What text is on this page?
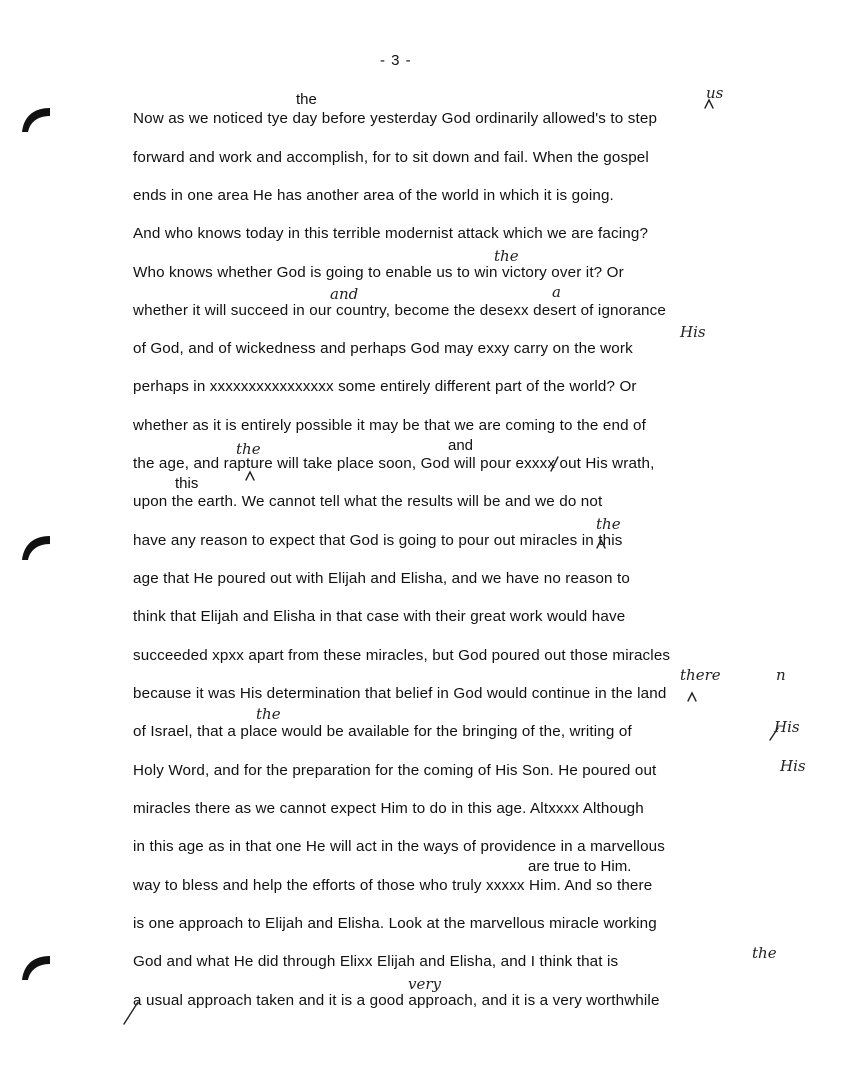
- 3 -
Now as we noticed tye day before yesterday God ordinarily allowed's to step
forward and work and accomplish, for to sit down and fail. When the gospel
ends in one area He has another area of the world in which it is going.
And who knows today in this terrible modernist attack which we are facing?
Who knows whether God is going to enable us to win victory over it? Or
whether it will succeed in our country, become the desexx desert of ignorance
of God, and of wickedness and perhaps God may exxy carry on the work
perhaps in xxxxxxxxxxxxxxxx some entirely different part of the world? Or
whether as it is entirely possible it may be that we are coming to the end of
the age, and rapture will take place soon, God will pour exxxx out His wrath,
upon the earth. We cannot tell what the results will be and we do not
have any reason to expect that God is going to pour out miracles in this
age that He poured out with Elijah and Elisha, and we have no reason to
think that Elijah and Elisha in that case with their great work would have
succeeded xpxx apart from these miracles, but God poured out those miracles
because it was His determination that belief in God would continue in the land
of Israel, that a place would be available for the bringing of the, writing of
Holy Word, and for the preparation for the coming of His Son. He poured out
miracles there as we cannot expect Him to do in this age. Altxxxx Although
in this age as in that one He will act in the ways of providence in a marvellous
way to bless and help the efforts of those who truly xxxxx Him. And so there
is one approach to Elijah and Elisha. Look at the marvellous miracle working
God and what He did through Elixx Elijah and Elisha, and I think that is
a usual approach taken and it is a good approach, and it is a very worthwhile
the
and
this
are true to Him.
us
the
and	a
His
the
the
there	n
the
His
His
the
very
